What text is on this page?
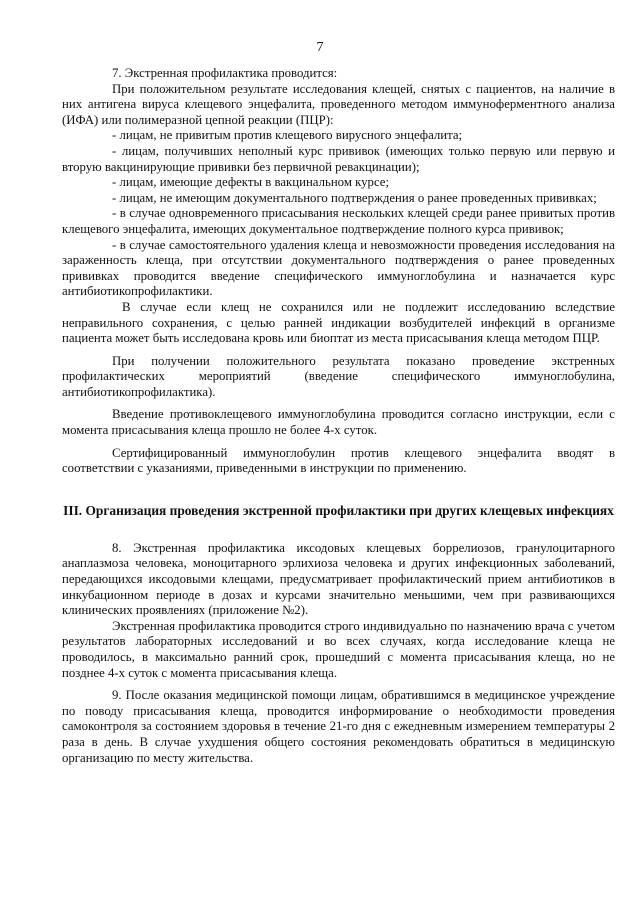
7

7. Экстренная профилактика проводится:

При положительном результате исследования клещей, снятых с пациентов, на наличие в них антигена вируса клещевого энцефалита, проведенного методом иммуноферментного анализа (ИФА) или полимеразной цепной реакции (ПЦР):

- лицам, не привитым против клещевого вирусного энцефалита;

- лицам, получивших неполный курс прививок (имеющих только первую или первую и вторую вакцинирующие прививки без первичной ревакцинации);

- лицам, имеющие дефекты в вакцинальном курсе;

- лицам, не имеющим документального подтверждения о ранее проведенных прививках;

- в случае одновременного присасывания нескольких клещей среди ранее привитых против клещевого энцефалита, имеющих документальное подтверждение полного курса прививок;

- в случае самостоятельного удаления клеща и невозможности проведения исследования на зараженность клеща, при отсутствии документального подтверждения о ранее проведенных прививках проводится введение специфического иммуноглобулина и назначается курс антибиотикопрофилактики.

В случае если клещ не сохранился или не подлежит исследованию вследствие неправильного сохранения, с целью ранней индикации возбудителей инфекций в организме пациента может быть исследована кровь или биоптат из места присасывания клеща методом ПЦР.

При получении положительного результата показано проведение экстренных профилактических мероприятий (введение специфического иммуноглобулина, антибиотикопрофилактика).

Введение противоклещевого иммуноглобулина проводится согласно инструкции, если с момента присасывания клеща прошло не более 4-х суток.

Сертифицированный иммуноглобулин против клещевого энцефалита вводят в соответствии с указаниями, приведенными в инструкции по применению.

III. Организация проведения экстренной профилактики при других клещевых инфекциях

8. Экстренная профилактика иксодовых клещевых боррелиозов, гранулоцитарного анаплазмоза человека, моноцитарного эрлихиоза человека и других инфекционных заболеваний, передающихся иксодовыми клещами, предусматривает профилактический прием антибиотиков в инкубационном периоде в дозах и курсами значительно меньшими, чем при развивающихся клинических проявлениях (приложение №2).

Экстренная профилактика проводится строго индивидуально по назначению врача с учетом результатов лабораторных исследований и во всех случаях, когда исследование клеща не проводилось, в максимально ранний срок, прошедший с момента присасывания клеща, но не позднее 4-х суток с момента присасывания клеща.

9. После оказания медицинской помощи лицам, обратившимся в медицинское учреждение по поводу присасывания клеща, проводится информирование о необходимости проведения самоконтроля за состоянием здоровья в течение 21-го дня с ежедневным измерением температуры 2 раза в день. В случае ухудшения общего состояния рекомендовать обратиться в медицинскую организацию по месту жительства.
